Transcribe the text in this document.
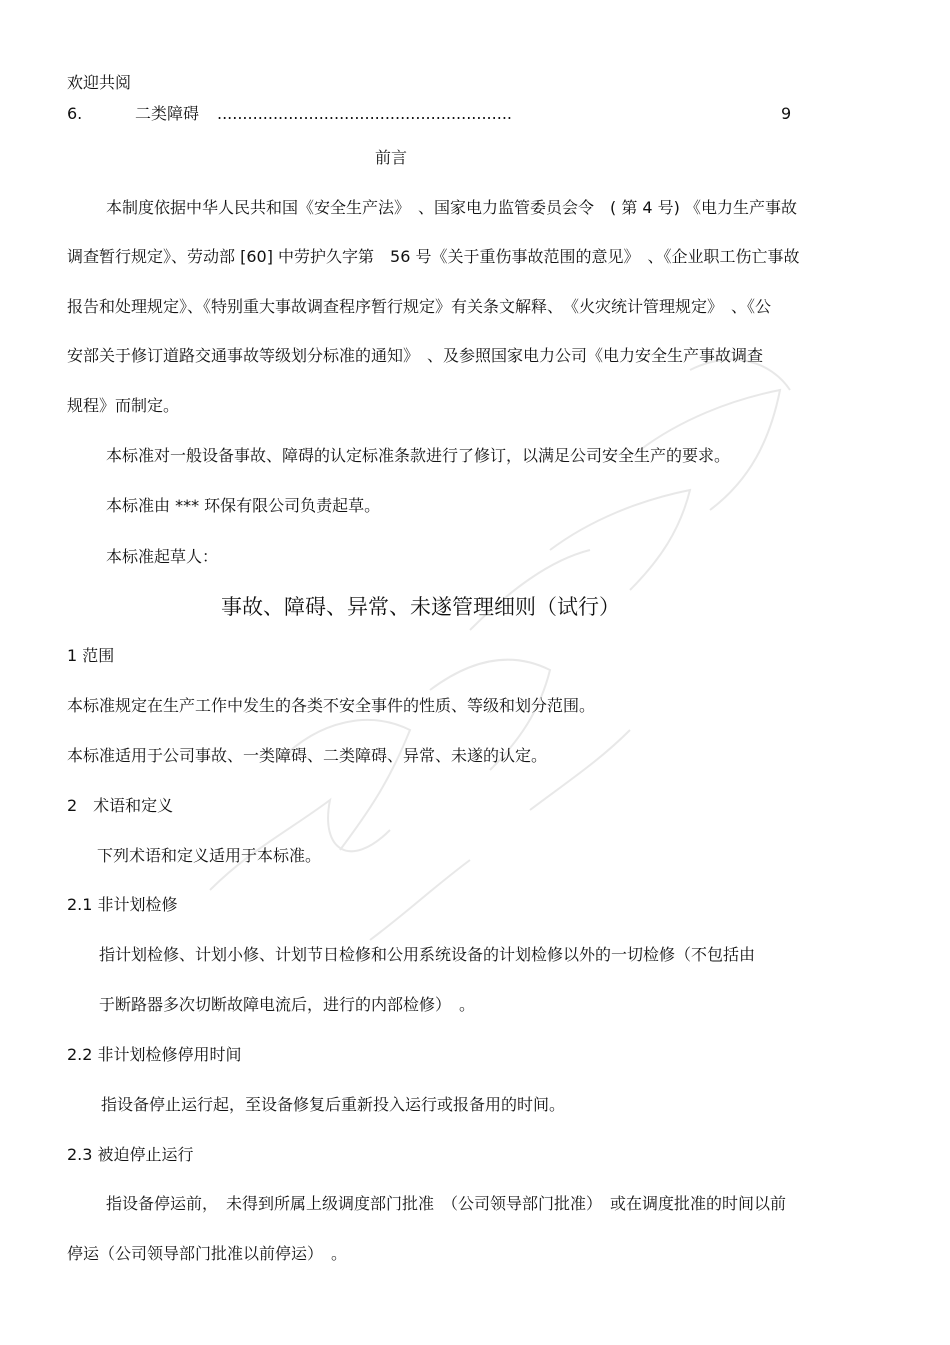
欢迎共阅
6.	二类障碍 ..........................................................	9
前言
本制度依据中华人民共和国《安全生产法》　、国家电力监管委员会令　( 第 4 号) 《电力生产事故
调查暂行规定》、劳动部 [60] 中劳护久字第　56 号《关于重伤事故范围的意见》　、《企业职工伤亡事故
报告和处理规定》、《特别重大事故调查程序暂行规定》有关条文解释、　《火灾统计管理规定》　、《公
安部关于修订道路交通事故等级划分标准的通知》　、及参照国家电力公司《电力安全生产事故调查
规程》而制定。
本标准对一般设备事故、障碍的认定标准条款进行了修订，以满足公司安全生产的要求。
本标准由 *** 环保有限公司负责起草。
本标准起草人：
事故、障碍、异常、未遂管理细则（试行）
1 范围
本标准规定在生产工作中发生的各类不安全事件的性质、等级和划分范围。
本标准适用于公司事故、一类障碍、二类障碍、异常、未遂的认定。
2　术语和定义
下列术语和定义适用于本标准。
2.1 非计划检修
指计划检修、计划小修、计划节日检修和公用系统设备的计划检修以外的一切检修（不包括由
于断路器多次切断故障电流后，进行的内部检修）　。
2.2 非计划检修停用时间
指设备停止运行起，至设备修复后重新投入运行或报备用的时间。
2.3 被迫停止运行
指设备停运前，　未得到所属上级调度部门批准　（公司领导部门批准）　或在调度批准的时间以前
停运（公司领导部门批准以前停运）　。
